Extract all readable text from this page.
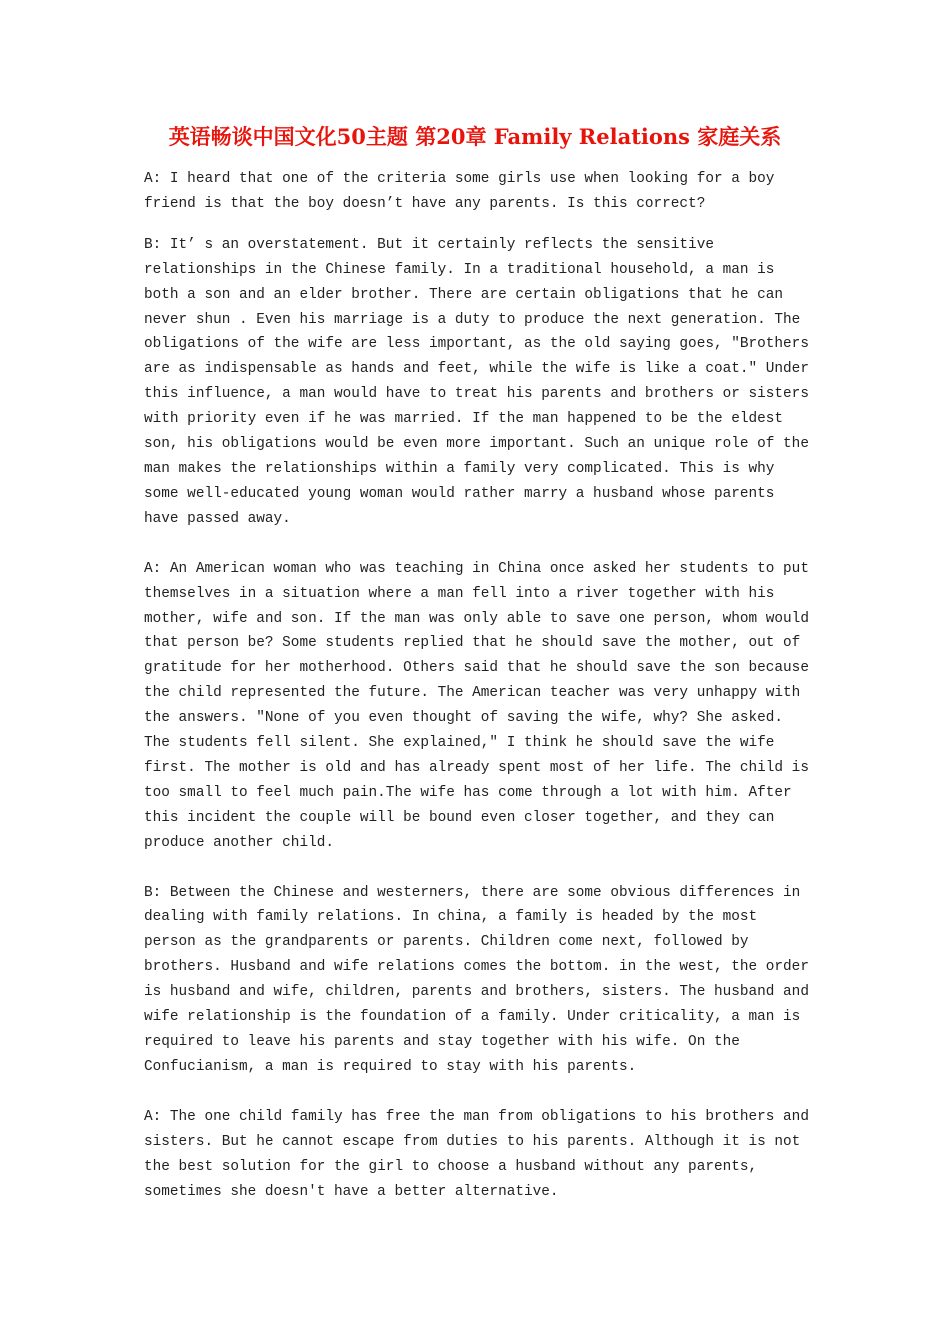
英语畅谈中国文化50主题 第20章 Family Relations 家庭关系

A: I heard that one of the criteria some girls use when looking for a boy friend is that the boy doesn’t have any parents. Is this correct?

B: It’ s an overstatement. But it certainly reflects the sensitive relationships in the Chinese family. In a traditional household, a man is both a son and an elder brother. There are certain obligations that he can never shun . Even his marriage is a duty to produce the next generation. The obligations of the wife are less important, as the old saying goes, "Brothers are as indispensable as hands and feet, while the wife is like a coat." Under this influence, a man would have to treat his parents and brothers or sisters with priority even if he was married. If the man happened to be the eldest son, his obligations would be even more important. Such an unique role of the man makes the relationships within a family very complicated. This is why some well-educated young woman would rather marry a husband whose parents have passed away.

A: An American woman who was teaching in China once asked her students to put themselves in a situation where a man fell into a river together with his mother, wife and son. If the man was only able to save one person, whom would that person be? Some students replied that he should save the mother, out of gratitude for her motherhood. Others said that he should save the son because the child represented the future. The American teacher was very unhappy with the answers. "None of you even thought of saving the wife, why? She asked. The students fell silent. She explained," I think he should save the wife first. The mother is old and has already spent most of her life. The child is too small to feel much pain.The wife has come through a lot with him. After this incident the couple will be bound even closer together, and they can produce another child.

B: Between the Chinese and westerners, there are some obvious differences in dealing with family relations. In china, a family is headed by the most person as the grandparents or parents. Children come next, followed by brothers. Husband and wife relations comes the bottom. in the west, the order is husband and wife, children, parents and brothers, sisters. The husband and wife relationship is the foundation of a family. Under criticality, a man is required to leave his parents and stay together with his wife. On the Confucianism, a man is required to stay with his parents.

A: The one child family has free the man from obligations to his brothers and sisters. But he cannot escape from duties to his parents. Although it is not the best solution for the girl to choose a husband without any parents, sometimes she doesn't have a better alternative.
